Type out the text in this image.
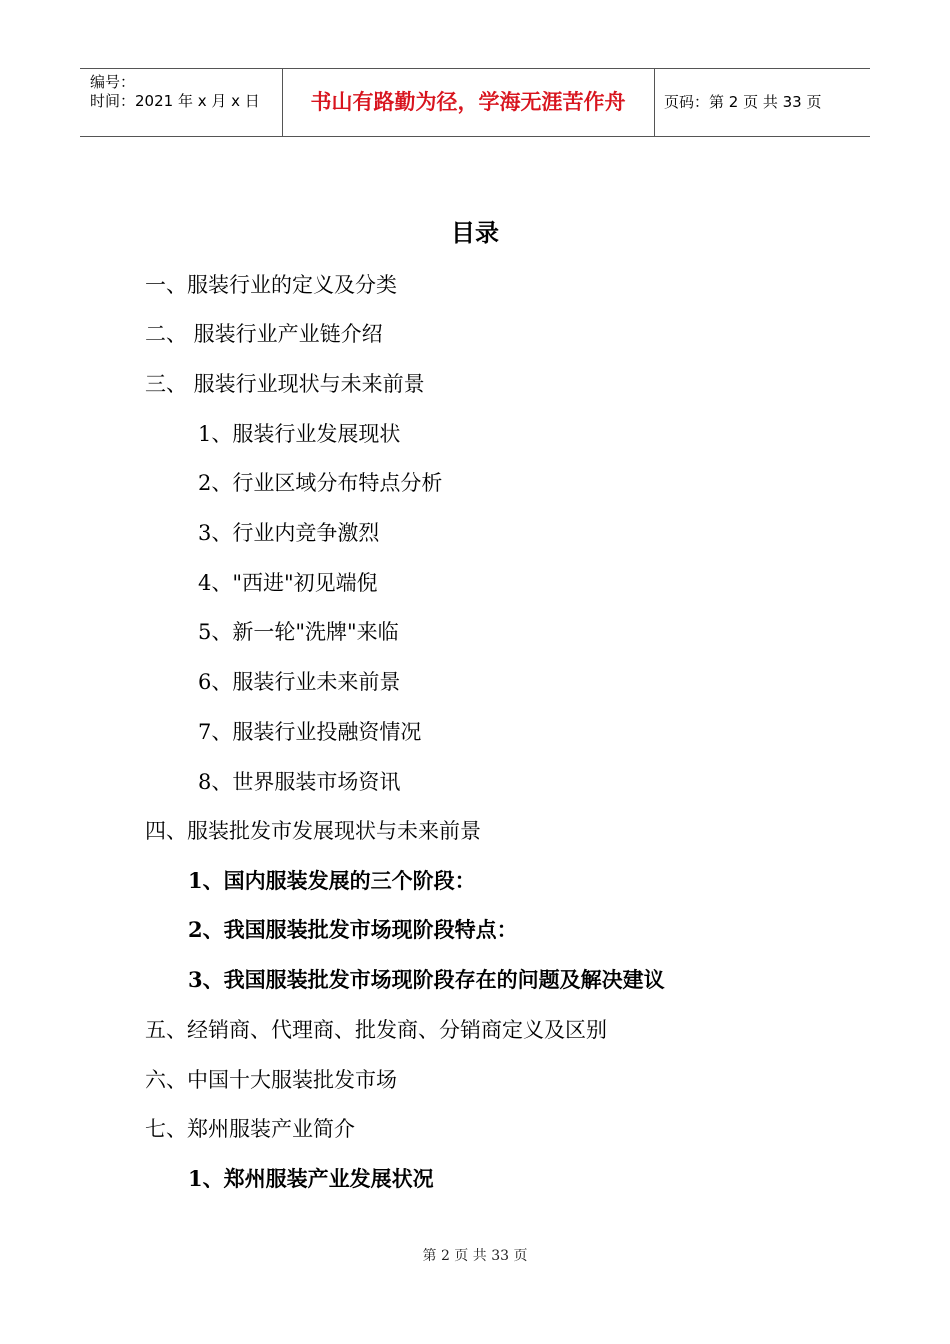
编号：
时间：2021 年 x 月 x 日	书山有路勤为径，学海无涯苦作舟	页码：第 2 页 共 33 页
目录
一、服装行业的定义及分类
二、 服装行业产业链介绍
三、 服装行业现状与未来前景
1、服装行业发展现状
2、行业区域分布特点分析
3、行业内竞争激烈
4、"西进"初见端倪
5、新一轮"洗牌"来临
6、服装行业未来前景
7、服装行业投融资情况
8、世界服装市场资讯
四、服装批发市发展现状与未来前景
1、国内服装发展的三个阶段：
2、我国服装批发市场现阶段特点：
3、我国服装批发市场现阶段存在的问题及解决建议
五、经销商、代理商、批发商、分销商定义及区别
六、中国十大服装批发市场
七、郑州服装产业简介
1、郑州服装产业发展状况
第 2 页 共 33 页
